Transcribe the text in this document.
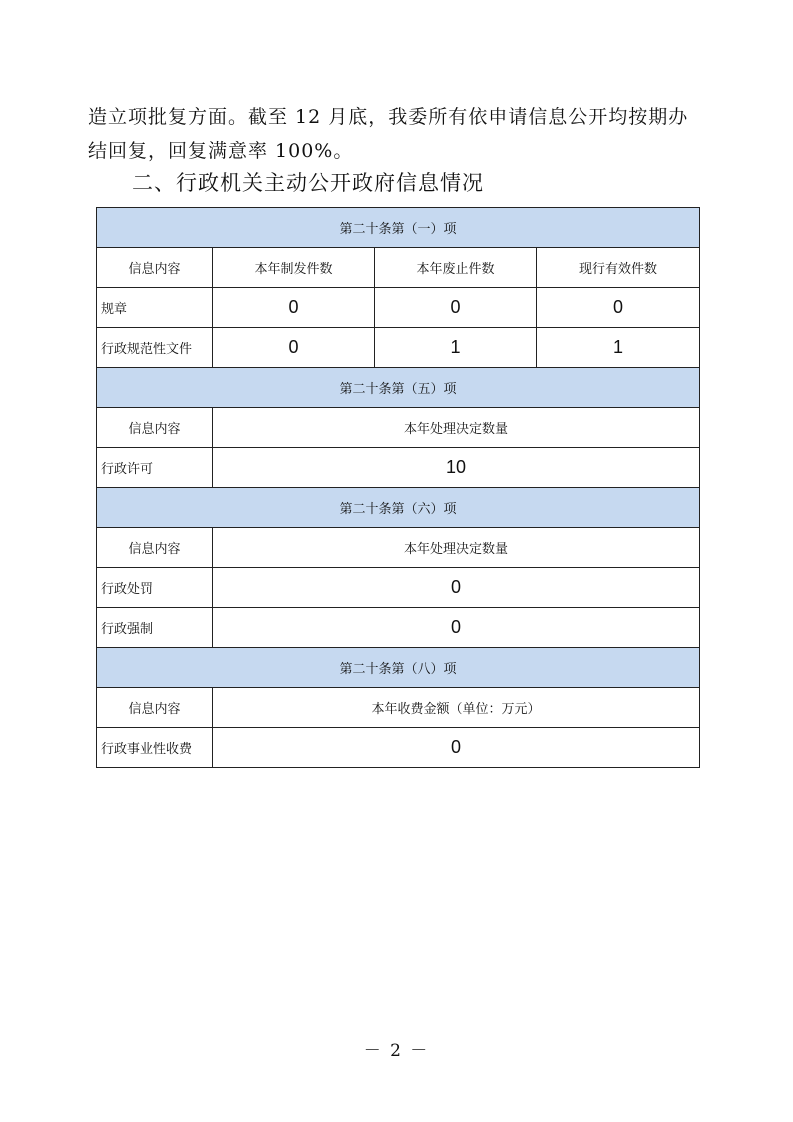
造立项批复方面。截至 12 月底，我委所有依申请信息公开均按期办

结回复，回复满意率 100%。

二、行政机关主动公开政府信息情况
第二十条第（一）项			
信息内容	本年制发件数	本年废止件数	现行有效件数
规章	0	0	0
行政规范性文件	0	1	1
第二十条第（五）项			
信息内容	本年处理决定数量		
行政许可	10		
第二十条第（六）项			
信息内容	本年处理决定数量		
行政处罚	0		
行政强制	0		
第二十条第（八）项			
信息内容	本年收费金额（单位：万元）		
行政事业性收费	0		
－ 2 －
